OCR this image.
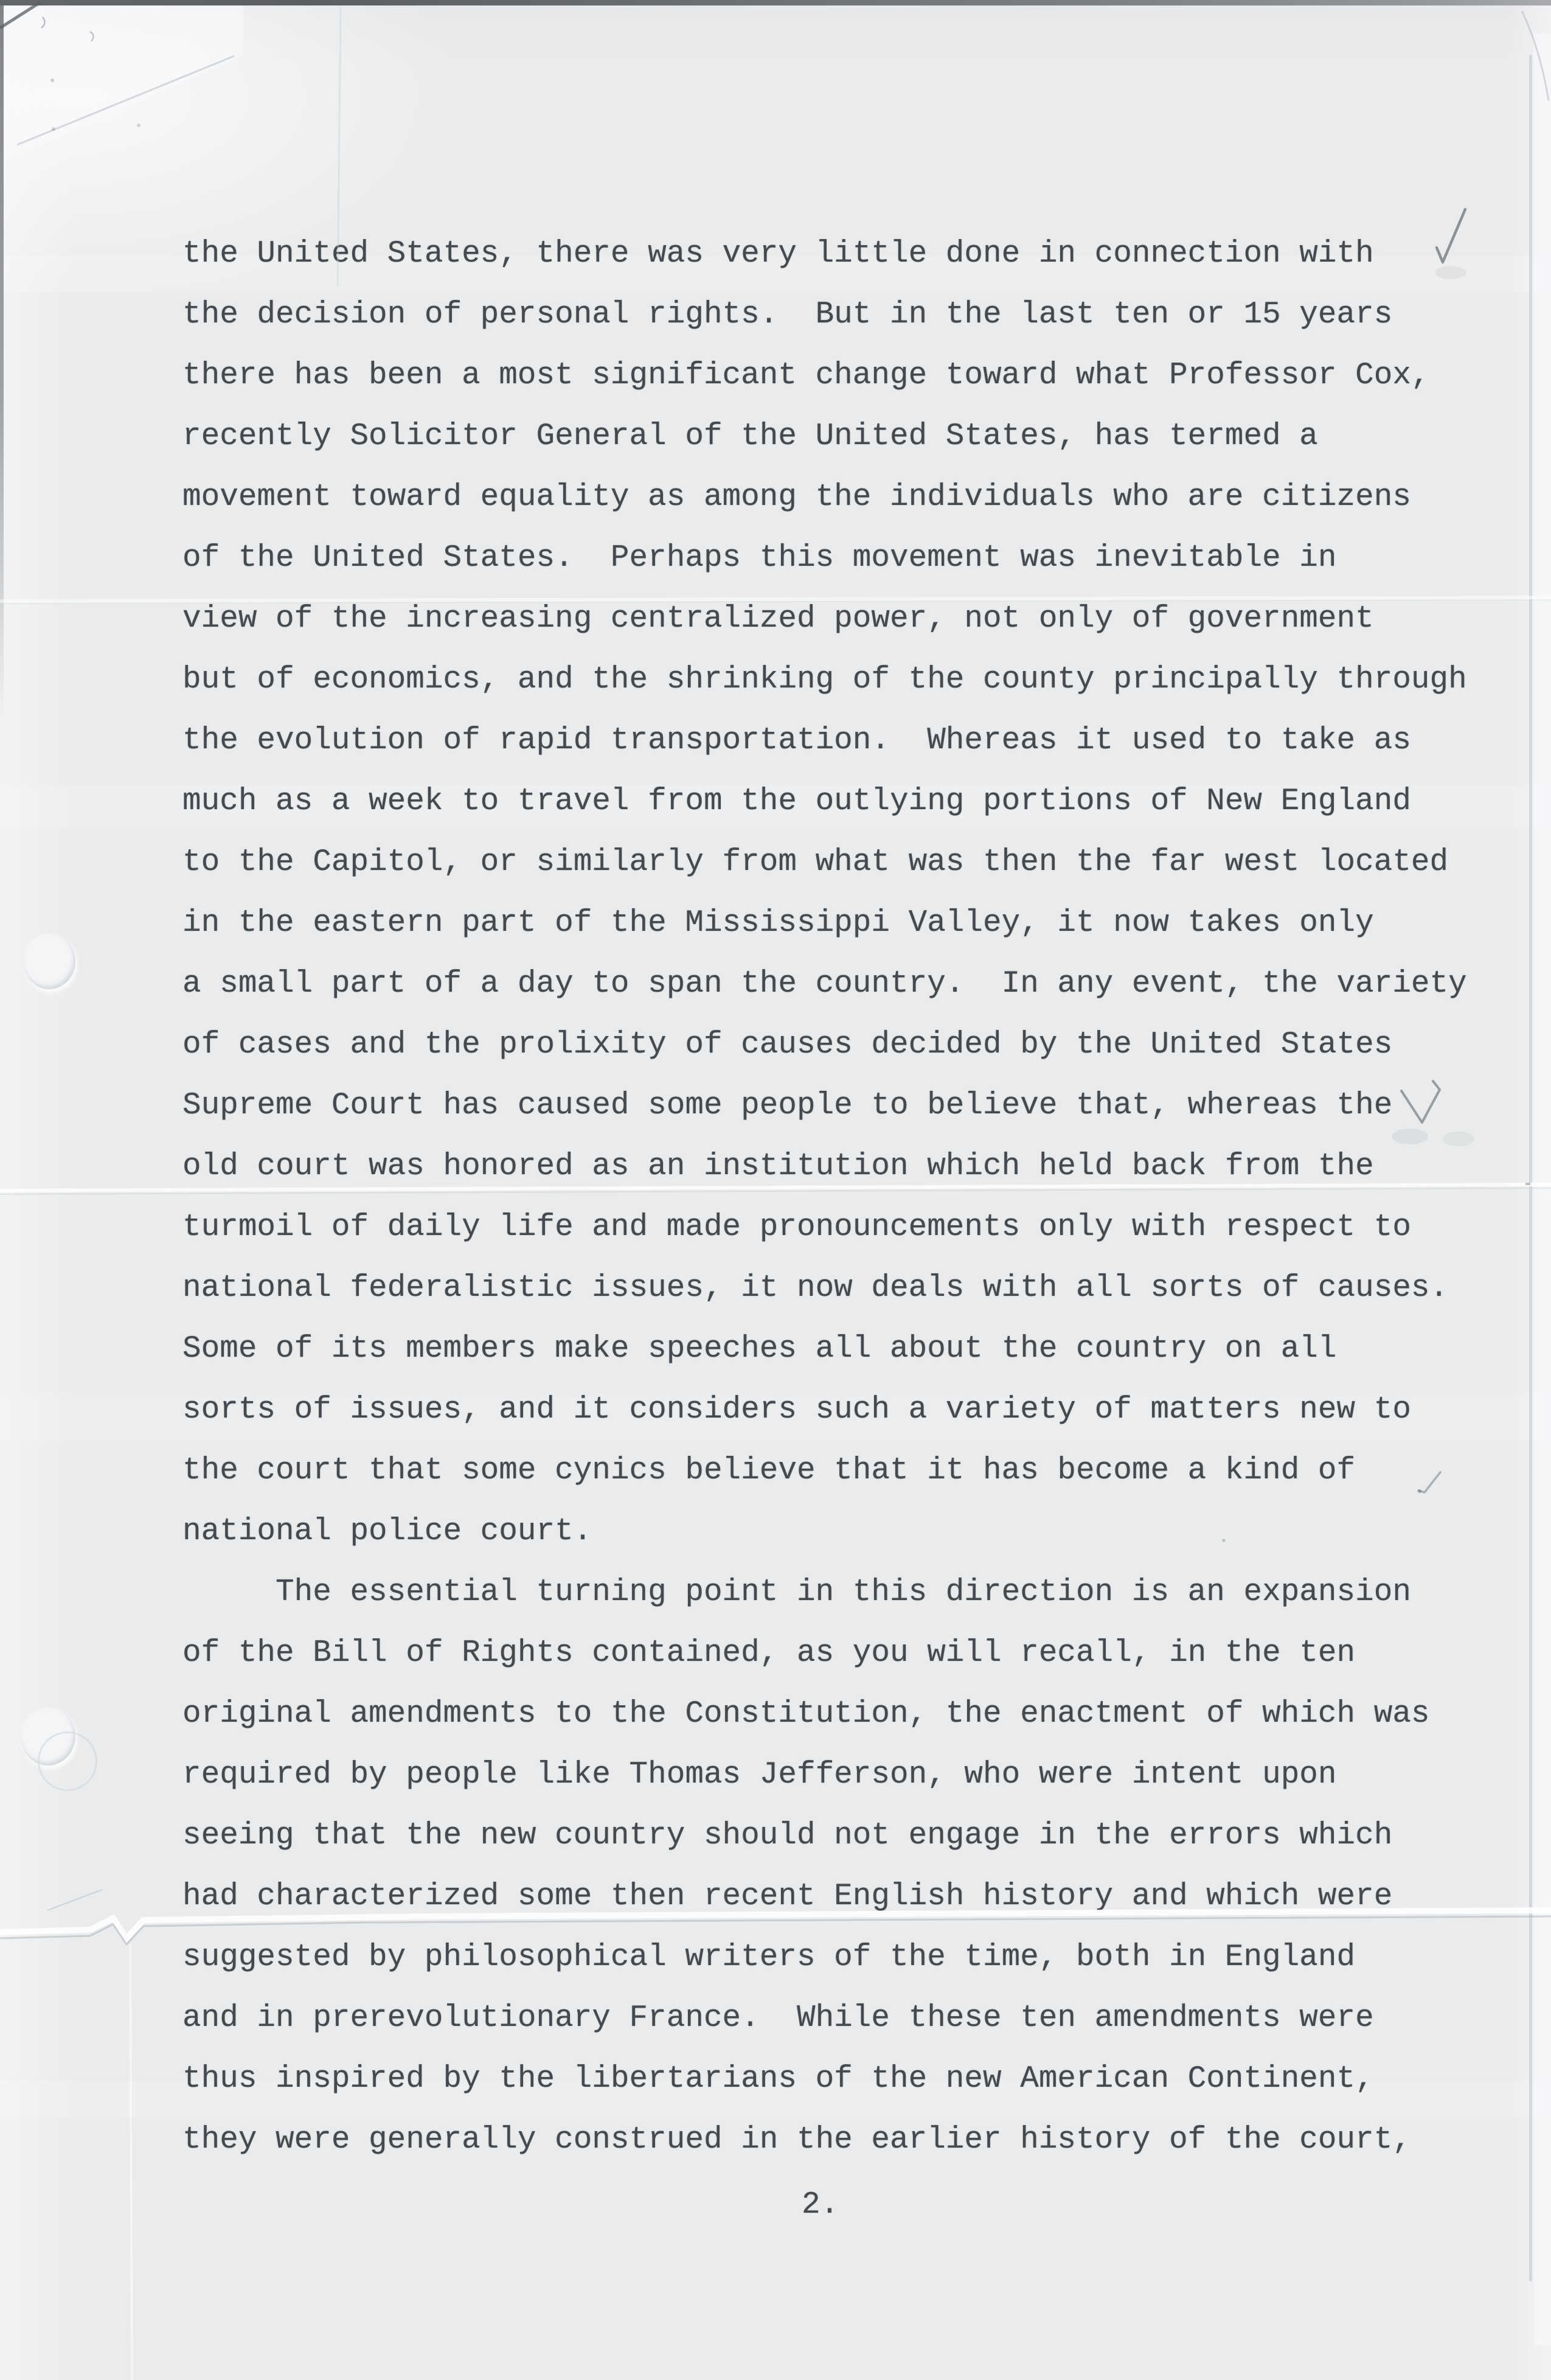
the United States, there was very little done in connection with
the decision of personal rights.  But in the last ten or 15 years
there has been a most significant change toward what Professor Cox,
recently Solicitor General of the United States, has termed a
movement toward equality as among the individuals who are citizens
of the United States.  Perhaps this movement was inevitable in
view of the increasing centralized power, not only of government
but of economics, and the shrinking of the county principally through
the evolution of rapid transportation.  Whereas it used to take as
much as a week to travel from the outlying portions of New England
to the Capitol, or similarly from what was then the far west located
in the eastern part of the Mississippi Valley, it now takes only
a small part of a day to span the country.  In any event, the variety
of cases and the prolixity of causes decided by the United States
Supreme Court has caused some people to believe that, whereas the
old court was honored as an institution which held back from the
turmoil of daily life and made pronouncements only with respect to
national federalistic issues, it now deals with all sorts of causes.
Some of its members make speeches all about the country on all
sorts of issues, and it considers such a variety of matters new to
the court that some cynics believe that it has become a kind of
national police court.
The essential turning point in this direction is an expansion
of the Bill of Rights contained, as you will recall, in the ten
original amendments to the Constitution, the enactment of which was
required by people like Thomas Jefferson, who were intent upon
seeing that the new country should not engage in the errors which
had characterized some then recent English history and which were
suggested by philosophical writers of the time, both in England
and in prerevolutionary France.  While these ten amendments were
thus inspired by the libertarians of the new American Continent,
they were generally construed in the earlier history of the court,
2.
